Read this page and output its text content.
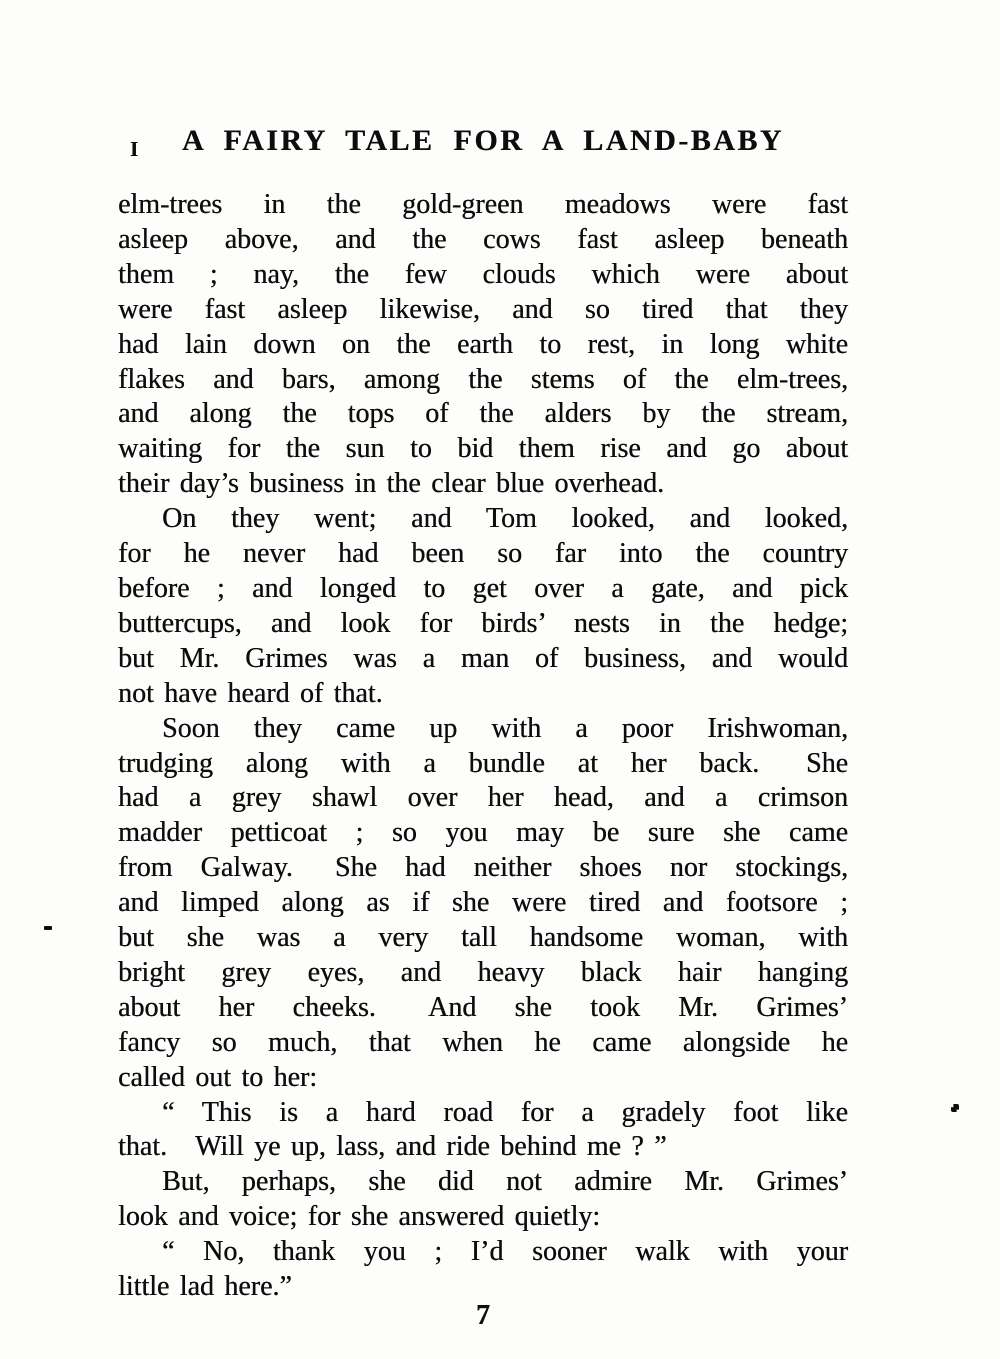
I	A FAIRY TALE FOR A LAND-BABY
elm-trees in the gold-green meadows were fast
asleep above, and the cows fast asleep beneath
them ; nay, the few clouds which were about
were fast asleep likewise, and so tired that they
had lain down on the earth to rest, in long white
flakes and bars, among the stems of the elm-trees,
and along the tops of the alders by the stream,
waiting for the sun to bid them rise and go about
their day’s business in the clear blue overhead.
On they went; and Tom looked, and looked,
for he never had been so far into the country
before ; and longed to get over a gate, and pick
buttercups, and look for birds’ nests in the hedge;
but Mr. Grimes was a man of business, and would
not have heard of that.
Soon they came up with a poor Irishwoman,
trudging along with a bundle at her back.  She
had a grey shawl over her head, and a crimson
madder petticoat ; so you may be sure she came
from Galway.  She had neither shoes nor stockings,
and limped along as if she were tired and footsore ;
but she was a very tall handsome woman, with
bright grey eyes, and heavy black hair hanging
about her cheeks.  And she took Mr. Grimes’
fancy so much, that when he came alongside he
called out to her:
“ This is a hard road for a gradely foot like
that. Will ye up, lass, and ride behind me ? ”
But, perhaps, she did not admire Mr. Grimes’
look and voice; for she answered quietly:
“ No, thank you ; I’d sooner walk with your
little lad here.”
7
